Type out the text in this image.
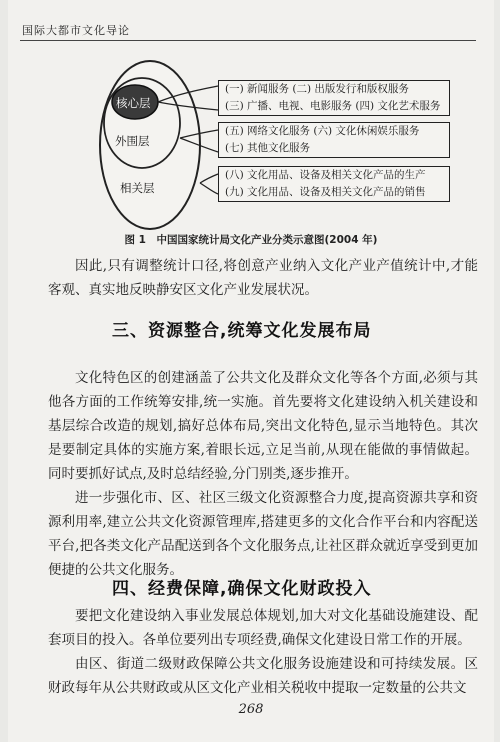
国际大都市文化导论
核心层
外围层
相关层
(一) 新闻服务 (二) 出版发行和版权服务
(三) 广播、电视、电影服务 (四) 文化艺术服务
(五) 网络文化服务 (六) 文化休闲娱乐服务
(七) 其他文化服务
(八) 文化用品、设备及相关文化产品的生产
(九) 文化用品、设备及相关文化产品的销售
图 1　中国国家统计局文化产业分类示意图(2004 年)

因此,只有调整统计口径,将创意产业纳入文化产业产值统计中,才能客观、真实地反映静安区文化产业发展状况。

三、资源整合,统筹文化发展布局

文化特色区的创建涵盖了公共文化及群众文化等各个方面,必须与其他各方面的工作统筹安排,统一实施。首先要将文化建设纳入机关建设和基层综合改造的规划,搞好总体布局,突出文化特色,显示当地特色。其次是要制定具体的实施方案,着眼长远,立足当前,从现在能做的事情做起。同时要抓好试点,及时总结经验,分门别类,逐步推开。

进一步强化市、区、社区三级文化资源整合力度,提高资源共享和资源利用率,建立公共文化资源管理库,搭建更多的文化合作平台和内容配送平台,把各类文化产品配送到各个文化服务点,让社区群众就近享受到更加便捷的公共文化服务。

四、经费保障,确保文化财政投入

要把文化建设纳入事业发展总体规划,加大对文化基础设施建设、配套项目的投入。各单位要列出专项经费,确保文化建设日常工作的开展。

由区、街道二级财政保障公共文化服务设施建设和可持续发展。区财政每年从公共财政或从区文化产业相关税收中提取一定数量的公共文

268
